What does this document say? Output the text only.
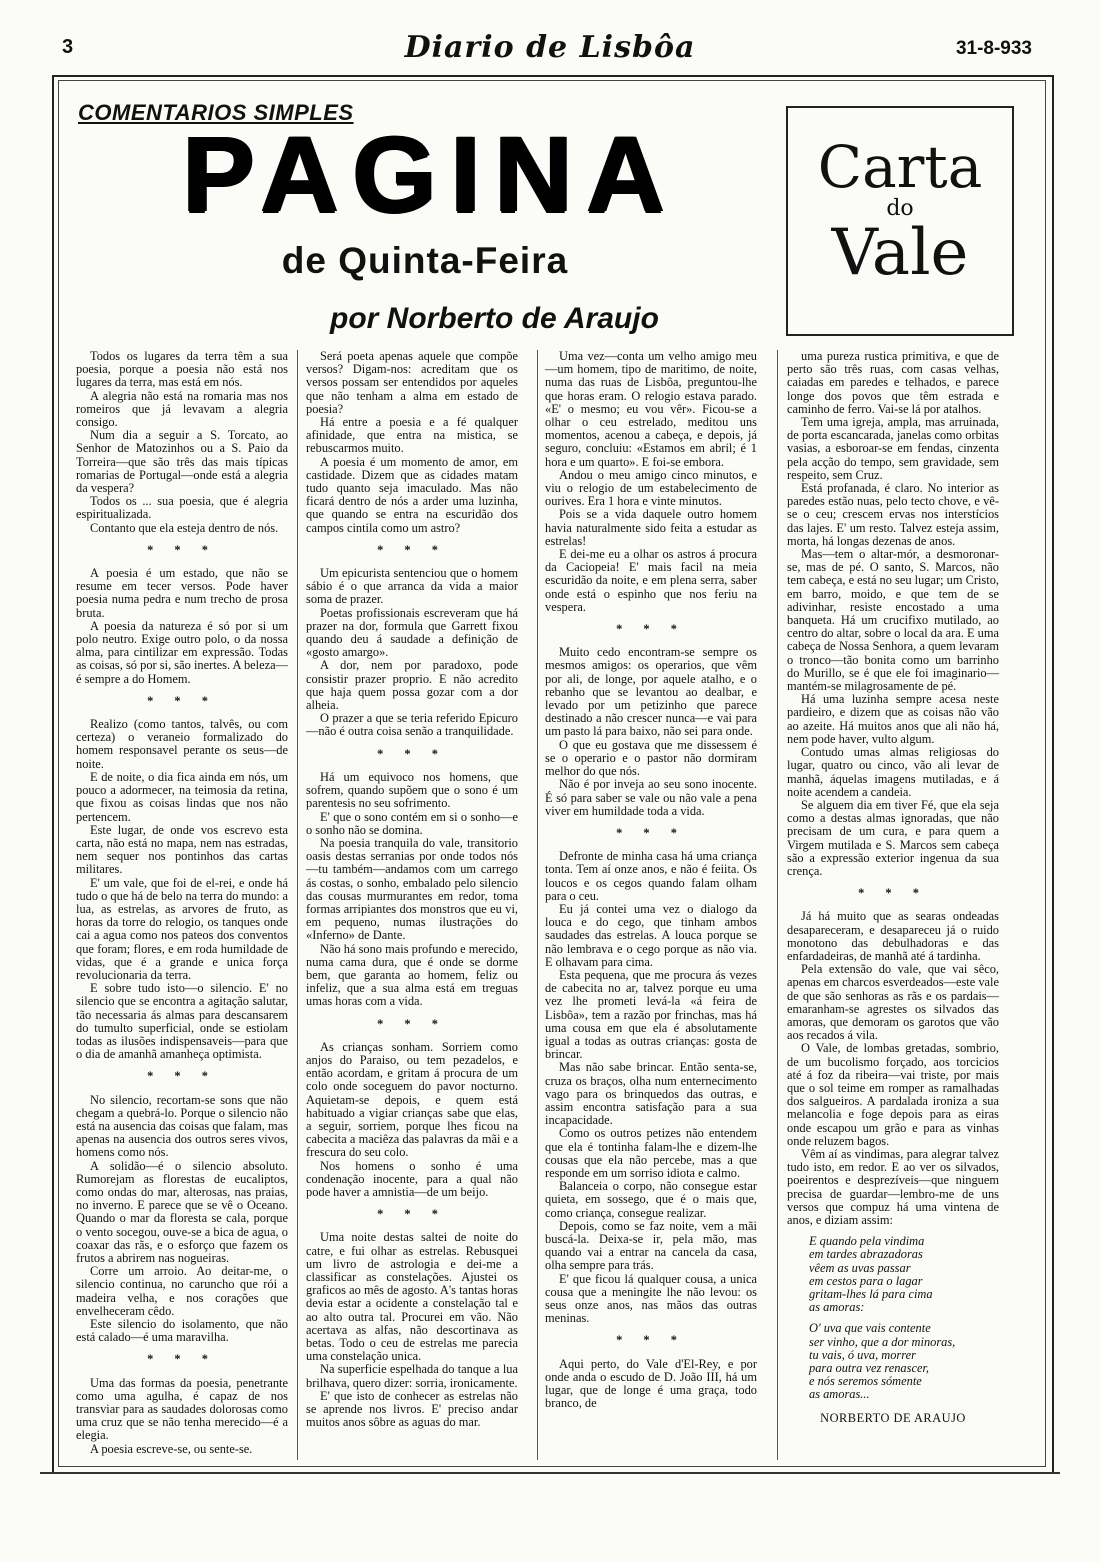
3	Diario de Lisbôa	31-8-933
COMENTARIOS SIMPLES
PAGINA
de Quinta-Feira
por Norberto de Araujo
Carta
do
Vale

Todos os lugares da terra têm a sua poesia, porque a poesia não está nos lugares da terra, mas está em nós.

A alegria não está na romaria mas nos romeiros que já levavam a alegria consigo.

Num dia a seguir a S. Torcato, ao Senhor de Matozinhos ou a S. Paio da Torreira—que são três das mais típicas romarias de Portugal—onde está a alegria da vespera?

Todos os ... sua poesia, que é alegria espiritualizada.

Contanto que ela esteja dentro de nós.

* * *

A poesia é um estado, que não se resume em tecer versos. Pode haver poesia numa pedra e num trecho de prosa bruta.

A poesia da natureza é só por si um polo neutro. Exige outro polo, o da nossa alma, para cintilizar em expressão. Todas as coisas, só por si, são inertes. A beleza—é sempre a do Homem.

* * *

Realizo (como tantos, talvês, ou com certeza) o veraneio formalizado do homem responsavel perante os seus—de noite.

E de noite, o dia fica ainda em nós, um pouco a adormecer, na teimosia da retina, que fixou as coisas lindas que nos não pertencem.

Este lugar, de onde vos escrevo esta carta, não está no mapa, nem nas estradas, nem sequer nos pontinhos das cartas militares.

E' um vale, que foi de el-rei, e onde há tudo o que há de belo na terra do mundo: a lua, as estrelas, as arvores de fruto, as horas da torre do relogio, os tanques onde cai a agua como nos pateos dos conventos que foram; flores, e em roda humildade de vidas, que é a grande e unica força revolucionaria da terra.

E sobre tudo isto—o silencio. E' no silencio que se encontra a agitação salutar, tão necessaria ás almas para descansarem do tumulto superficial, onde se estiolam todas as ilusões indispensaveis—para que o dia de amanhã amanheça optimista.

* * *

No silencio, recortam-se sons que não chegam a quebrá-lo. Porque o silencio não está na ausencia das coisas que falam, mas apenas na ausencia dos outros seres vivos, homens como nós.

A solidão—é o silencio absoluto. Rumorejam as florestas de eucaliptos, como ondas do mar, alterosas, nas praias, no inverno. E parece que se vê o Oceano. Quando o mar da floresta se cala, porque o vento socegou, ouve-se a bica de agua, o coaxar das rãs, e o esforço que fazem os frutos a abrirem nas nogueiras.

Corre um arroio. Ao deitar-me, o silencio continua, no caruncho que rói a madeira velha, e nos corações que envelheceram cêdo.

Este silencio do isolamento, que não está calado—é uma maravilha.

* * *

Uma das formas da poesia, penetrante como uma agulha, é capaz de nos transviar para as saudades dolorosas como uma cruz que se não tenha merecido—é a elegia.

A poesia escreve-se, ou sente-se.

Será poeta apenas aquele que compõe versos? Digam-nos: acreditam que os versos possam ser entendidos por aqueles que não tenham a alma em estado de poesia?

Há entre a poesia e a fé qualquer afinidade, que entra na mistica, se rebuscarmos muito.

A poesia é um momento de amor, em castidade. Dizem que as cidades matam tudo quanto seja imaculado. Mas não ficará dentro de nós a arder uma luzinha, que quando se entra na escuridão dos campos cintila como um astro?

* * *

Um epicurista sentenciou que o homem sábio é o que arranca da vida a maior soma de prazer.

Poetas profissionais escreveram que há prazer na dor, formula que Garrett fixou quando deu á saudade a definição de «gosto amargo».

A dor, nem por paradoxo, pode consistir prazer proprio. E não acredito que haja quem possa gozar com a dor alheia.

O prazer a que se teria referido Epicuro—não é outra coisa senão a tranquilidade.

* * *

Há um equivoco nos homens, que sofrem, quando supõem que o sono é um parentesis no seu sofrimento.

E' que o sono contém em si o sonho—e o sonho não se domina.

Na poesia tranquila do vale, transitorio oasis destas serranias por onde todos nós—tu também—andamos com um carrego ás costas, o sonho, embalado pelo silencio das cousas murmurantes em redor, toma formas arripiantes dos monstros que eu vi, em pequeno, numas ilustrações do «Inferno» de Dante.

Não há sono mais profundo e merecido, numa cama dura, que é onde se dorme bem, que garanta ao homem, feliz ou infeliz, que a sua alma está em treguas umas horas com a vida.

* * *

As crianças sonham. Sorriem como anjos do Paraiso, ou tem pezadelos, e então acordam, e gritam á procura de um colo onde soceguem do pavor nocturno. Aquietam-se depois, e quem está habituado a vigiar crianças sabe que elas, a seguir, sorriem, porque lhes ficou na cabecita a maciêza das palavras da mãi e a frescura do seu colo.

Nos homens o sonho é uma condenação inocente, para a qual não pode haver a amnistia—de um beijo.

* * *

Uma noite destas saltei de noite do catre, e fui olhar as estrelas. Rebusquei um livro de astrologia e dei-me a classificar as constelações. Ajustei os graficos ao mês de agosto. A's tantas horas devia estar a ocidente a constelação tal e ao alto outra tal. Procurei em vão. Não acertava as alfas, não descortinava as betas. Todo o ceu de estrelas me parecia uma constelação unica.

Na superficie espelhada do tanque a lua brilhava, quero dizer: sorria, ironicamente.

E' que isto de conhecer as estrelas não se aprende nos livros. E' preciso andar muitos anos sôbre as aguas do mar.

Uma vez—conta um velho amigo meu—um homem, tipo de maritimo, de noite, numa das ruas de Lisbôa, preguntou-lhe que horas eram. O relogio estava parado. «E' o mesmo; eu vou vêr». Ficou-se a olhar o ceu estrelado, meditou uns momentos, acenou a cabeça, e depois, já seguro, concluiu: «Estamos em abril; é 1 hora e um quarto». E foi-se embora.

Andou o meu amigo cinco minutos, e viu o relogio de um estabelecimento de ourives. Era 1 hora e vinte minutos.

Pois se a vida daquele outro homem havia naturalmente sido feita a estudar as estrelas!

E dei-me eu a olhar os astros á procura da Caciopeia! E' mais facil na meia escuridão da noite, e em plena serra, saber onde está o espinho que nos feriu na vespera.

* * *

Muito cedo encontram-se sempre os mesmos amigos: os operarios, que vêm por ali, de longe, por aquele atalho, e o rebanho que se levantou ao dealbar, e levado por um petizinho que parece destinado a não crescer nunca—e vai para um pasto lá para baixo, não sei para onde.

O que eu gostava que me dissessem é se o operario e o pastor não dormiram melhor do que nós.

Não é por inveja ao seu sono inocente. É só para saber se vale ou não vale a pena viver em humildade toda a vida.

* * *

Defronte de minha casa há uma criança tonta. Tem aí onze anos, e não é feiita. Os loucos e os cegos quando falam olham para o ceu.

Eu já contei uma vez o dialogo da louca e do cego, que tinham ambos saudades das estrelas. A louca porque se não lembrava e o cego porque as não via. E olhavam para cima.

Esta pequena, que me procura ás vezes de cabecita no ar, talvez porque eu uma vez lhe prometi levá-la «á feira de Lisbôa», tem a razão por frinchas, mas há uma cousa em que ela é absolutamente igual a todas as outras crianças: gosta de brincar.

Mas não sabe brincar. Então senta-se, cruza os braços, olha num enternecimento vago para os brinquedos das outras, e assim encontra satisfação para a sua incapacidade.

Como os outros petizes não entendem que ela é tontinha falam-lhe e dizem-lhe cousas que ela não percebe, mas a que responde em um sorriso idiota e calmo.

Balanceia o corpo, não consegue estar quieta, em sossego, que é o mais que, como criança, consegue realizar.

Depois, como se faz noite, vem a mãi buscá-la. Deixa-se ir, pela mão, mas quando vai a entrar na cancela da casa, olha sempre para trás.

E' que ficou lá qualquer cousa, a unica cousa que a meningite lhe não levou: os seus onze anos, nas mãos das outras meninas.

* * *

Aqui perto, do Vale d'El-Rey, e por onde anda o escudo de D. João III, há um lugar, que de longe é uma graça, todo branco, de

uma pureza rustica primitiva, e que de perto são três ruas, com casas velhas, caiadas em paredes e telhados, e parece longe dos povos que têm estrada e caminho de ferro. Vai-se lá por atalhos.

Tem uma igreja, ampla, mas arruinada, de porta escancarada, janelas como orbitas vasias, a esboroar-se em fendas, cinzenta pela acção do tempo, sem gravidade, sem respeito, sem Cruz.

Está profanada, é claro. No interior as paredes estão nuas, pelo tecto chove, e vê-se o ceu; crescem ervas nos interstícios das lajes. E' um resto. Talvez esteja assim, morta, há longas dezenas de anos.

Mas—tem o altar-mór, a desmoronar-se, mas de pé. O santo, S. Marcos, não tem cabeça, e está no seu lugar; um Cristo, em barro, moido, e que tem de se adivinhar, resiste encostado a uma banqueta. Há um crucifixo mutilado, ao centro do altar, sobre o local da ara. E uma cabeça de Nossa Senhora, a quem levaram o tronco—tão bonita como um barrinho do Murillo, se é que ele foi imaginario—mantém-se milagrosamente de pé.

Há uma luzinha sempre acesa neste pardieiro, e dizem que as coisas não vão ao azeite. Há muitos anos que ali não há, nem pode haver, vulto algum.

Contudo umas almas religiosas do lugar, quatro ou cinco, vão ali levar de manhã, áquelas imagens mutiladas, e á noite acendem a candeia.

Se alguem dia em tiver Fé, que ela seja como a destas almas ignoradas, que não precisam de um cura, e para quem a Virgem mutilada e S. Marcos sem cabeça são a expressão exterior ingenua da sua crença.

* * *

Já há muito que as searas ondeadas desapareceram, e desapareceu já o ruido monotono das debulhadoras e das enfardadeiras, de manhã até á tardinha.

Pela extensão do vale, que vai sêco, apenas em charcos esverdeados—este vale de que são senhoras as rãs e os pardais—emaranham-se agrestes os silvados das amoras, que demoram os garotos que vão aos recados á vila.

O Vale, de lombas gretadas, sombrio, de um bucolismo forçado, aos torcicios até á foz da ribeira—vai triste, por mais que o sol teime em romper as ramalhadas dos salgueiros. A pardalada ironiza a sua melancolia e foge depois para as eiras onde escapou um grão e para as vinhas onde reluzem bagos.

Vêm aí as vindimas, para alegrar talvez tudo isto, em redor. E ao ver os silvados, poeirentos e desprezíveis—que ninguem precisa de guardar—lembro-me de uns versos que compuz há uma vintena de anos, e diziam assim:

E quando pela vindima
em tardes abrazadoras
vêem as uvas passar
em cestos para o lagar
gritam-lhes lá para cima
as amoras:

O' uva que vais contente
ser vinho, que a dor minoras,
tu vais, ó uva, morrer
para outra vez renascer,
e nós seremos sómente
as amoras...

NORBERTO DE ARAUJO
